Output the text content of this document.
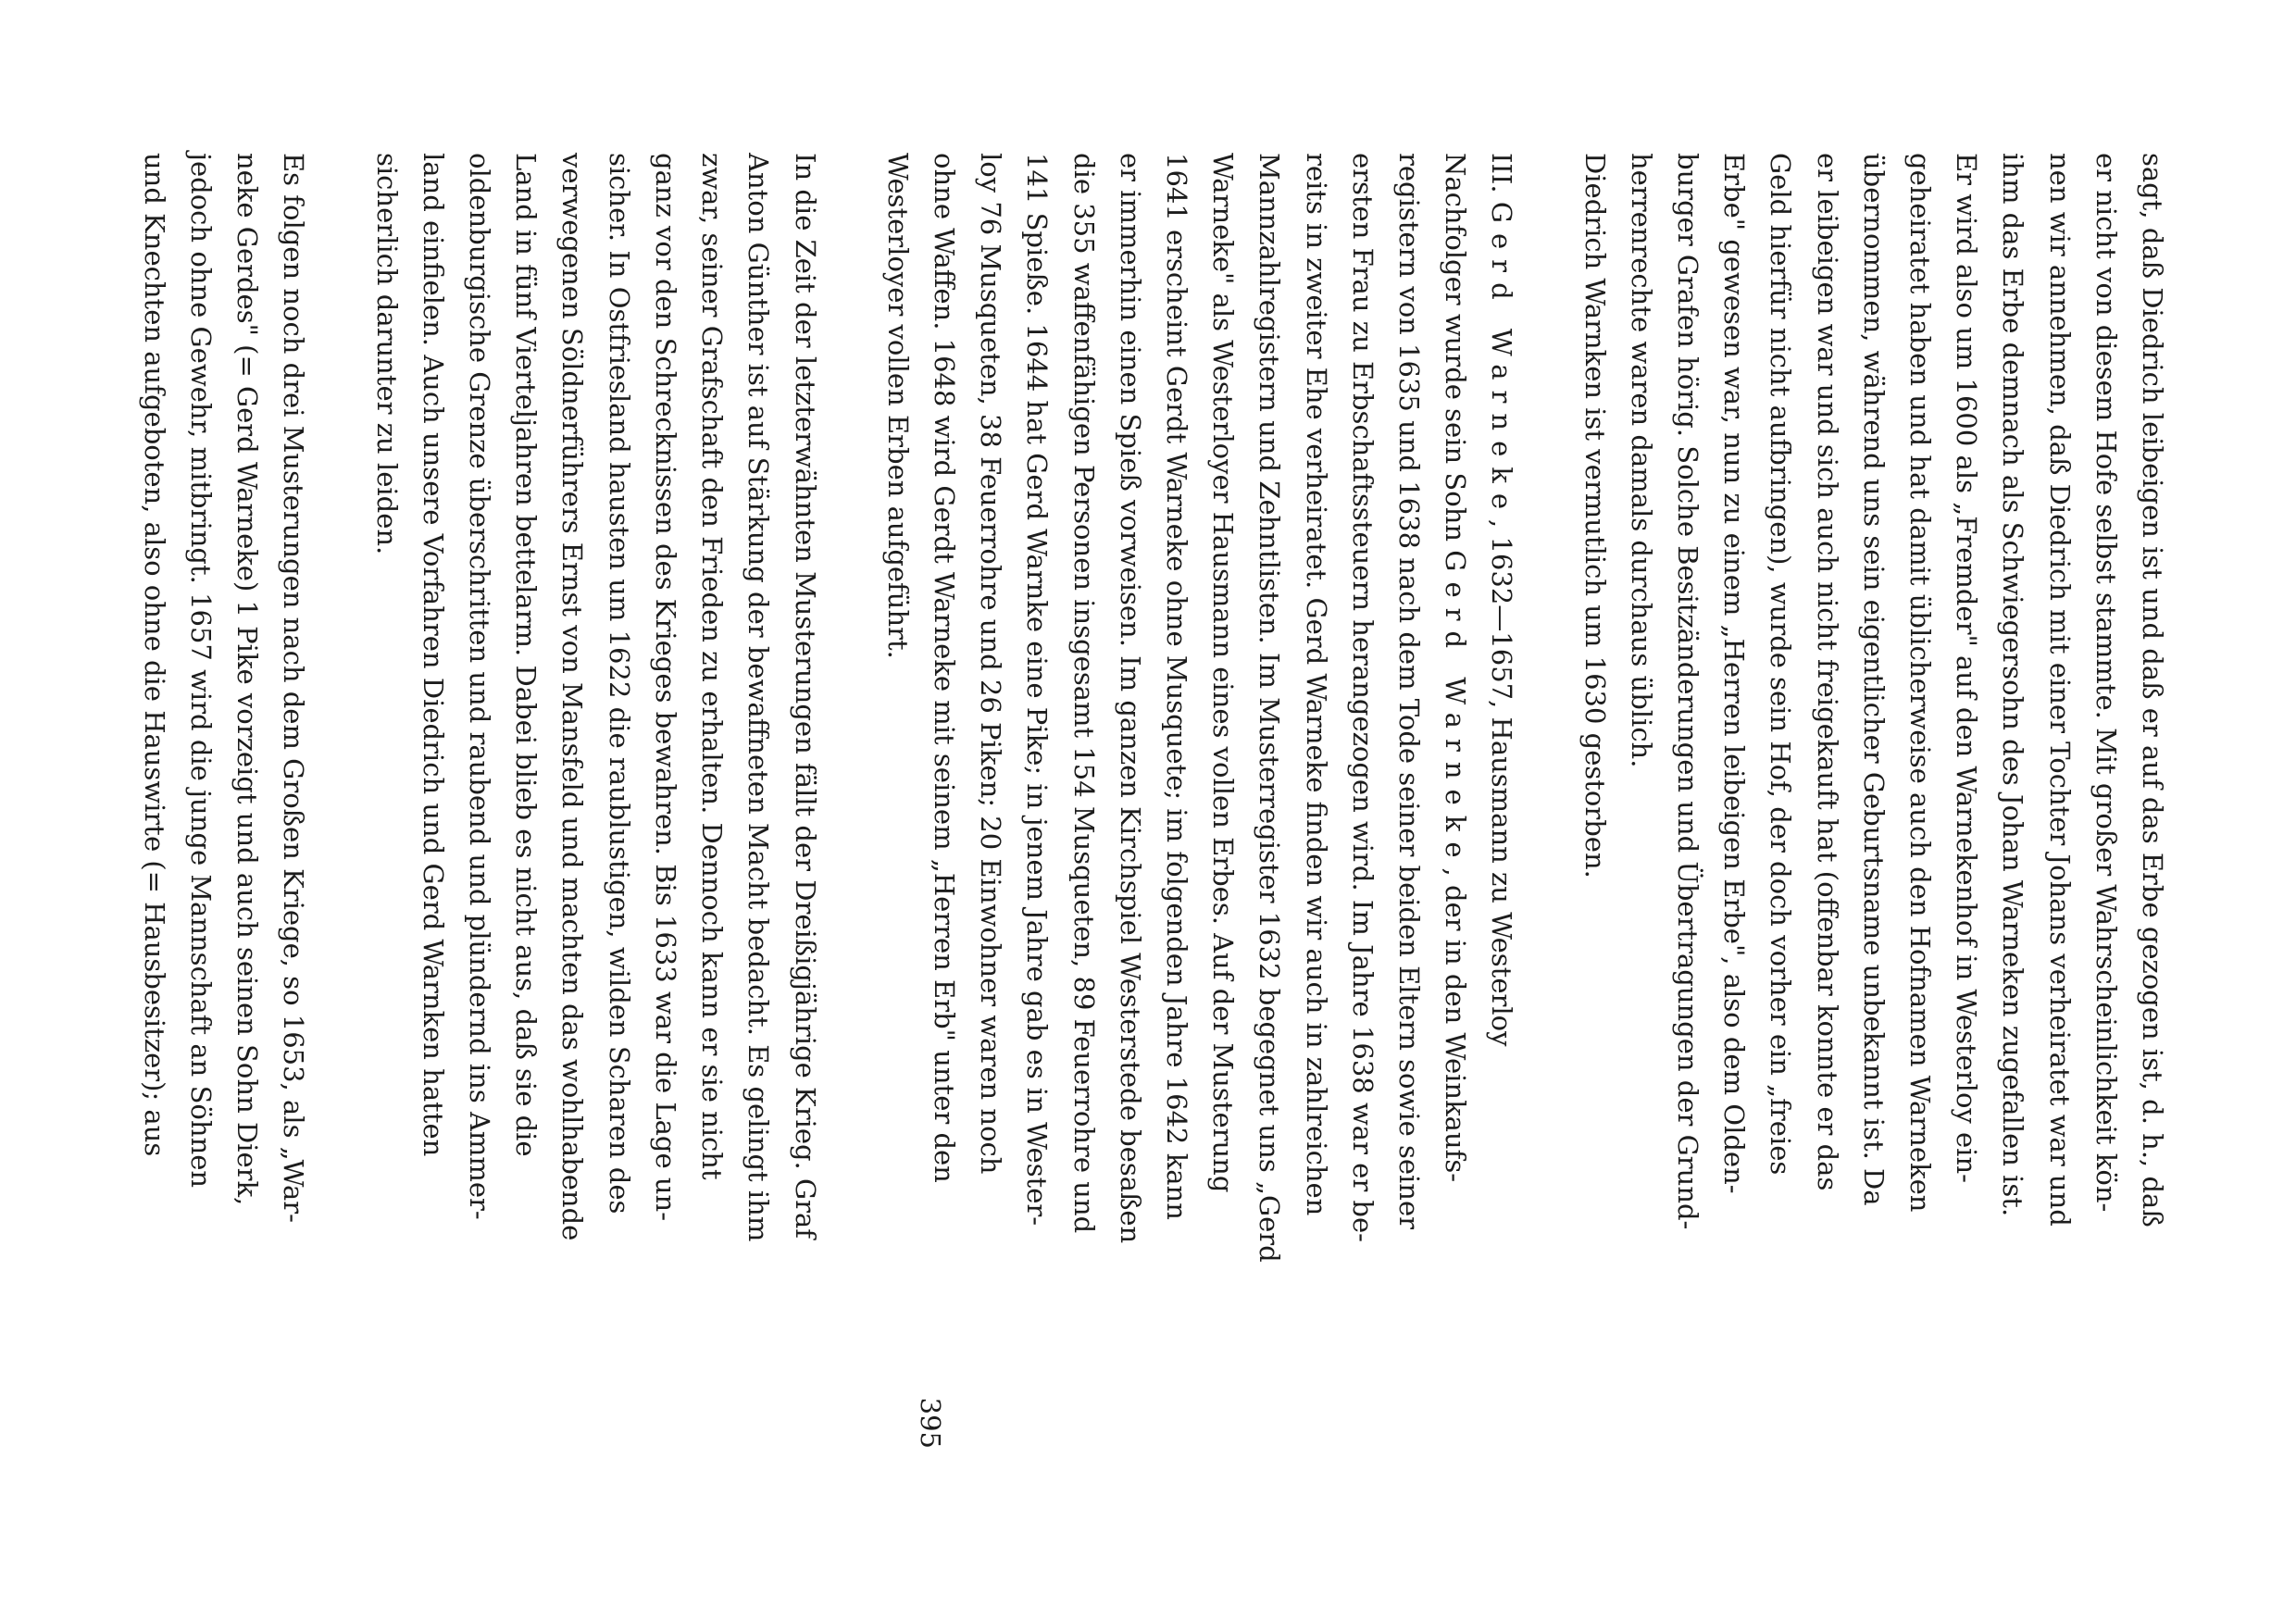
sagt, daß Diedrich leibeigen ist und daß er auf das Erbe gezogen ist, d. h., daß
er nicht von diesem Hofe selbst stammte. Mit großer Wahrscheinlichkeit kön-
nen wir annehmen, daß Diedrich mit einer Tochter Johans verheiratet war und
ihm das Erbe demnach als Schwiegersohn des Johan Warneken zugefallen ist.
Er wird also um 1600 als „Fremder" auf den Warnekenhof in Westerloy ein-
geheiratet haben und hat damit üblicherweise auch den Hofnamen Warneken
übernommen, während uns sein eigentlicher Geburtsname unbekannt ist. Da
er leibeigen war und sich auch nicht freigekauft hat (offenbar konnte er das
Geld hierfür nicht aufbringen), wurde sein Hof, der doch vorher ein „freies
Erbe" gewesen war, nun zu einem „Herren leibeigen Erbe", also dem Olden-
burger Grafen hörig. Solche Besitzänderungen und Übertragungen der Grund-
herrenrechte waren damals durchaus üblich.
Diedrich Warnken ist vermutlich um 1630 gestorben.
III. Gerd Warneke, 1632—1657, Hausmann zu Westerloy
Nachfolger wurde sein Sohn Gerd Warneke, der in den Weinkaufs-
registern von 1635 und 1638 nach dem Tode seiner beiden Eltern sowie seiner
ersten Frau zu Erbschaftssteuern herangezogen wird. Im Jahre 1638 war er be-
reits in zweiter Ehe verheiratet. Gerd Warneke finden wir auch in zahlreichen
Mannzahlregistern und Zehntlisten. Im Musterregister 1632 begegnet uns „Gerd
Warneke" als Westerloyer Hausmann eines vollen Erbes. Auf der Musterung
1641 erscheint Gerdt Warneke ohne Musquete; im folgenden Jahre 1642 kann
er immerhin einen Spieß vorweisen. Im ganzen Kirchspiel Westerstede besaßen
die 355 waffenfähigen Personen insgesamt 154 Musqueten, 89 Feuerrohre und
141 Spieße. 1644 hat Gerd Warnke eine Pike; in jenem Jahre gab es in Wester-
loy 76 Musqueten, 38 Feuerrohre und 26 Piken; 20 Einwohner waren noch
ohne Waffen. 1648 wird Gerdt Warneke mit seinem „Herren Erb" unter den
Westerloyer vollen Erben aufgeführt.
In die Zeit der letzterwähnten Musterungen fällt der Dreißigjährige Krieg. Graf
Anton Günther ist auf Stärkung der bewaffneten Macht bedacht. Es gelingt ihm
zwar, seiner Grafschaft den Frieden zu erhalten. Dennoch kann er sie nicht
ganz vor den Schrecknissen des Krieges bewahren. Bis 1633 war die Lage un-
sicher. In Ostfriesland hausten um 1622 die raublustigen, wilden Scharen des
verwegenen Söldnerführers Ernst von Mansfeld und machten das wohlhabende
Land in fünf Vierteljahren bettelarm. Dabei blieb es nicht aus, daß sie die
oldenburgische Grenze überschritten und raubend und plündernd ins Ammer-
land einfielen. Auch unsere Vorfahren Diedrich und Gerd Warnken hatten
sicherlich darunter zu leiden.
Es folgen noch drei Musterungen nach dem Großen Kriege, so 1653, als „War-
neke Gerdes" (= Gerd Warneke) 1 Pike vorzeigt und auch seinen Sohn Dierk,
jedoch ohne Gewehr, mitbringt. 1657 wird die junge Mannschaft an Söhnen
und Knechten aufgeboten, also ohne die Hauswirte (= Hausbesitzer); aus
395
